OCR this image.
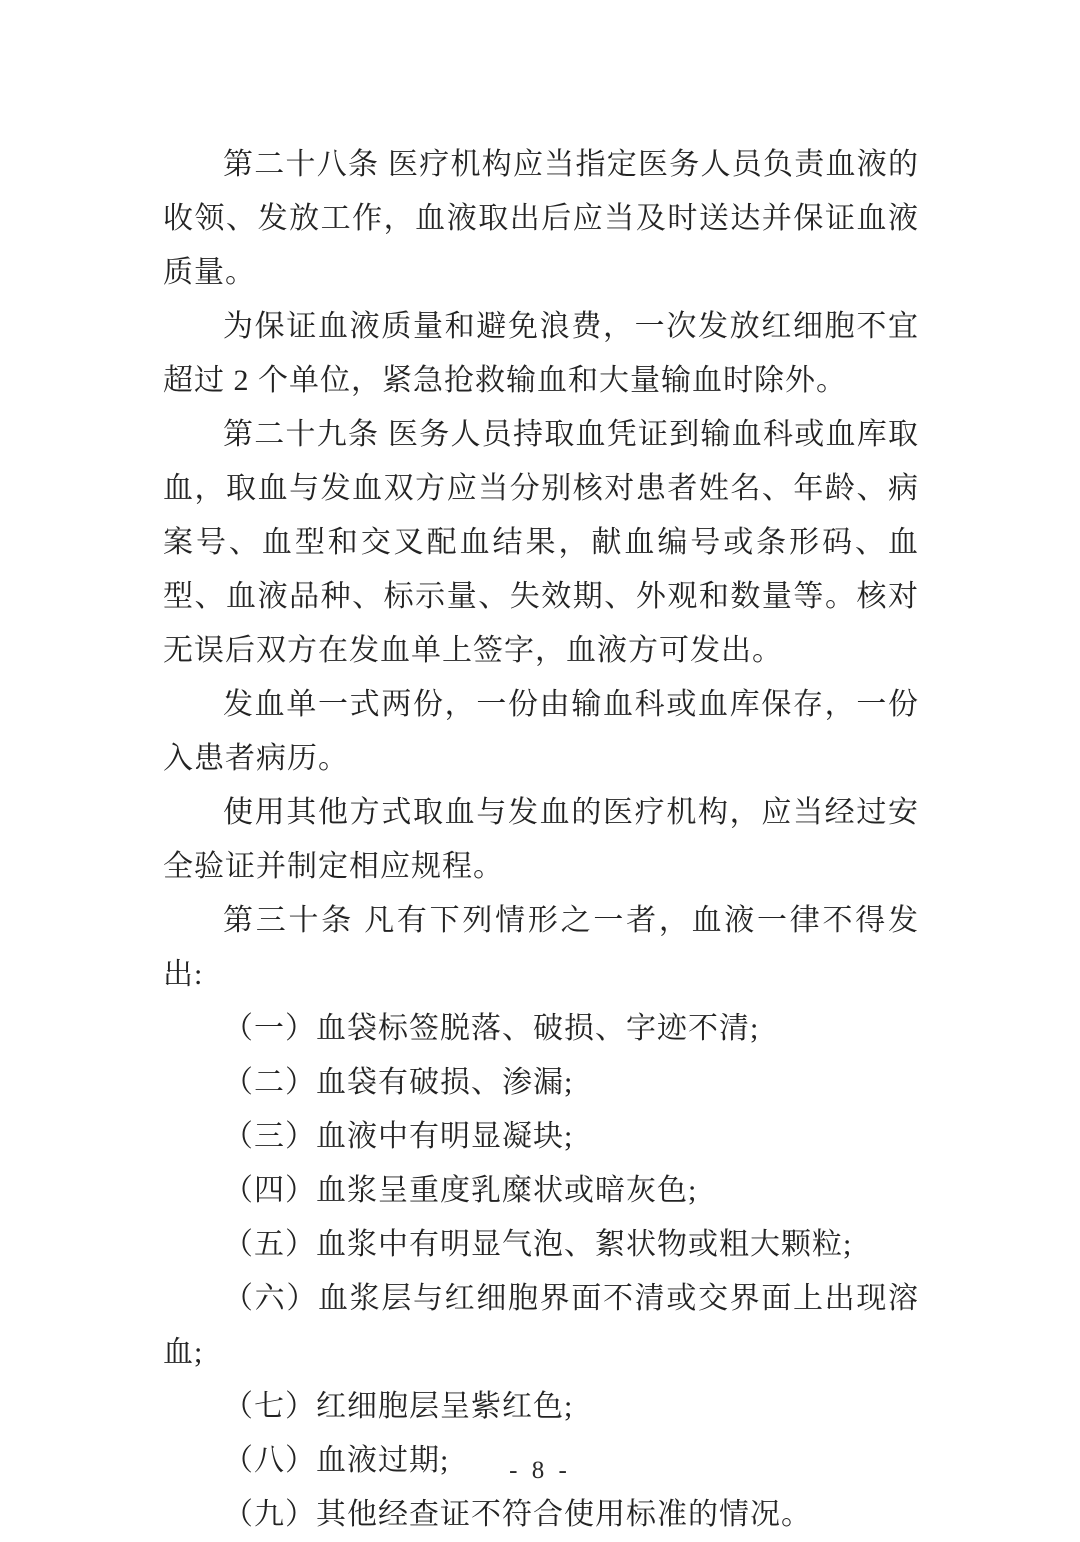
第二十八条 医疗机构应当指定医务人员负责血液的收领、发放工作，血液取出后应当及时送达并保证血液质量。

为保证血液质量和避免浪费，一次发放红细胞不宜超过 2 个单位，紧急抢救输血和大量输血时除外。

第二十九条 医务人员持取血凭证到输血科或血库取血，取血与发血双方应当分别核对患者姓名、年龄、病案号、血型和交叉配血结果，献血编号或条形码、血型、血液品种、标示量、失效期、外观和数量等。核对无误后双方在发血单上签字，血液方可发出。

发血单一式两份，一份由输血科或血库保存，一份入患者病历。

使用其他方式取血与发血的医疗机构，应当经过安全验证并制定相应规程。

第三十条 凡有下列情形之一者，血液一律不得发出:

（一）血袋标签脱落、破损、字迹不清;

（二）血袋有破损、渗漏;

（三）血液中有明显凝块;

（四）血浆呈重度乳糜状或暗灰色;

（五）血浆中有明显气泡、絮状物或粗大颗粒;

（六）血浆层与红细胞界面不清或交界面上出现溶血;

（七）红细胞层呈紫红色;

（八）血液过期;

（九）其他经查证不符合使用标准的情况。

- 8 -
